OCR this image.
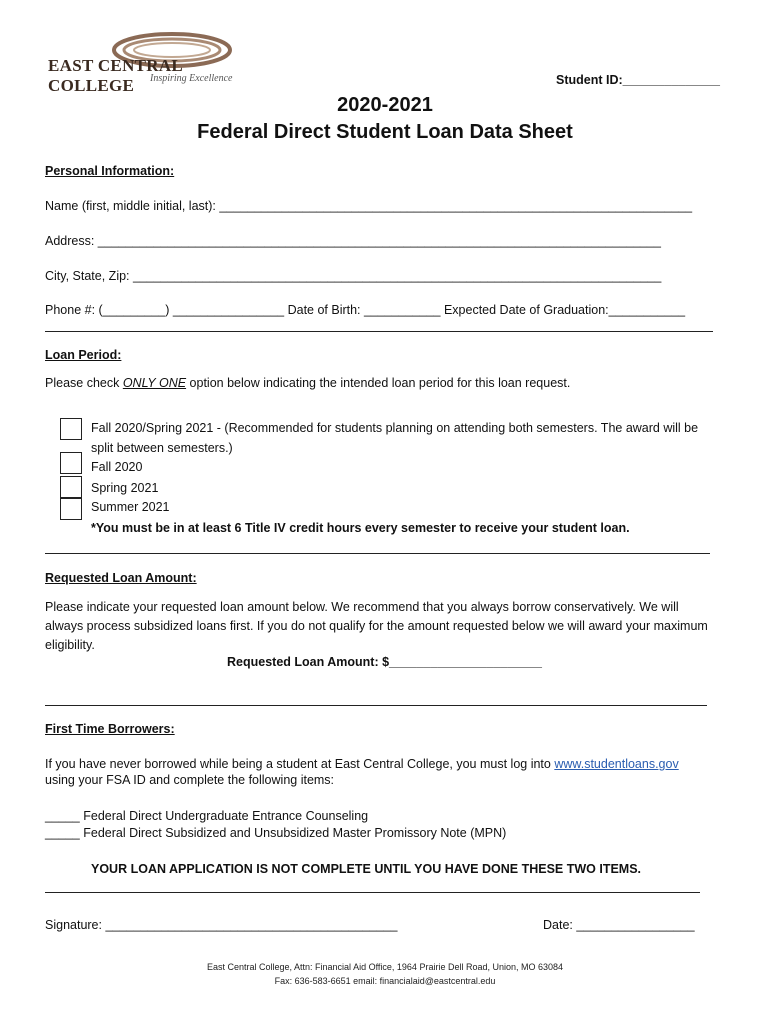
EAST CENTRAL COLLEGE	Inspiring Excellence	Student ID:______________
2020-2021
Federal Direct Student Loan Data Sheet
Personal Information:
Name (first, middle initial, last): ____________________________________________________________________
Address: _________________________________________________________________________________
City, State, Zip: ____________________________________________________________________________
Phone #: (_________) ________________ Date of Birth: ___________ Expected Date of Graduation:___________
Loan Period:
Please check ONLY ONE option below indicating the intended loan period for this loan request.
Fall 2020/Spring 2021 - (Recommended for students planning on attending both semesters. The award will be
split between semesters.)
Fall 2020
Spring 2021
Summer 2021
*You must be in at least 6 Title IV credit hours every semester to receive your student loan.
Requested Loan Amount:
Please indicate your requested loan amount below. We recommend that you always borrow conservatively. We will always process subsidized loans first. If you do not qualify for the amount requested below we will award your maximum eligibility.
Requested Loan Amount: $______________________
First Time Borrowers:
If you have never borrowed while being a student at East Central College, you must log into www.studentloans.gov
using your FSA ID and complete the following items:
_____ Federal Direct Undergraduate Entrance Counseling
_____ Federal Direct Subsidized and Unsubsidized Master Promissory Note (MPN)
YOUR LOAN APPLICATION IS NOT COMPLETE UNTIL YOU HAVE DONE THESE TWO ITEMS.
Signature: __________________________________________	Date: _________________
East Central College, Attn: Financial Aid Office, 1964 Prairie Dell Road, Union, MO 63084
Fax: 636-583-6651 email: financialaid@eastcentral.edu
